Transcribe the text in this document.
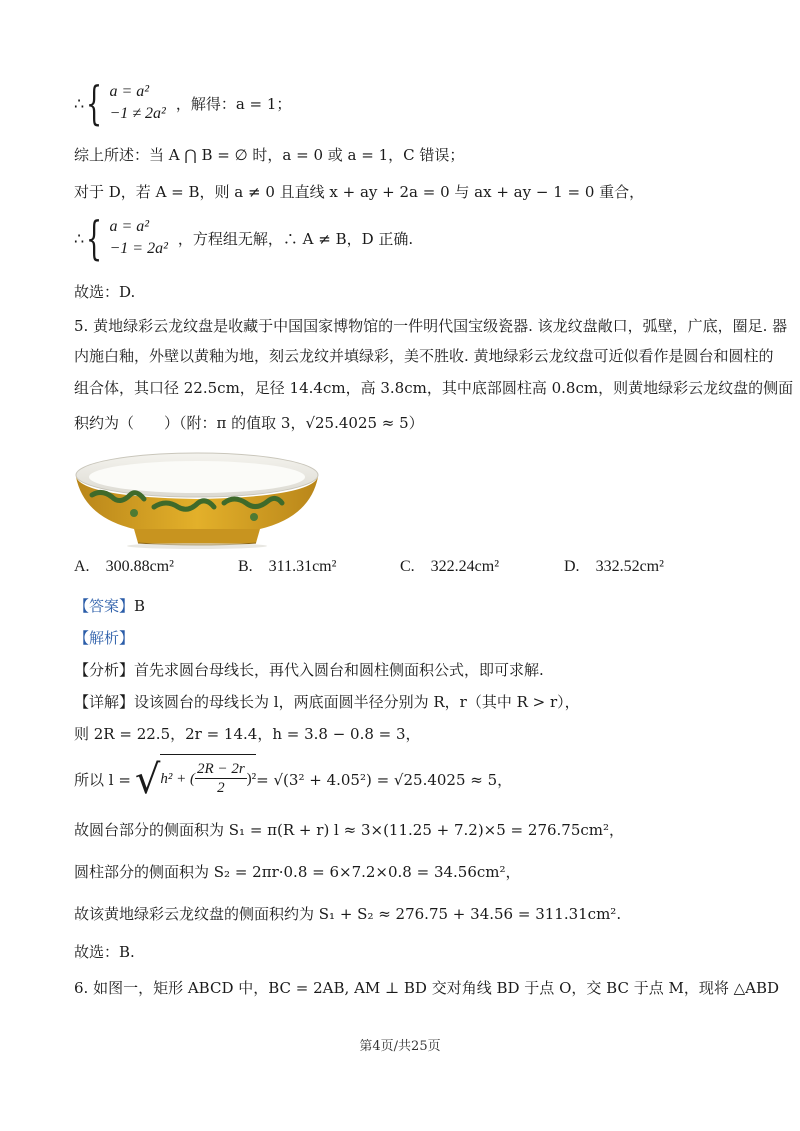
∴ { a = a²
−1 ≠ 2a²
，解得：a = 1；
综上所述：当 A ⋂ B = ∅ 时，a = 0 或 a = 1，C 错误；
对于 D，若 A = B，则 a ≠ 0 且直线 x + ay + 2a = 0 与 ax + ay − 1 = 0 重合，
∴ { a = a²
−1 = 2a²
，方程组无解，∴ A ≠ B，D 正确.
故选：D.
5. 黄地绿彩云龙纹盘是收藏于中国国家博物馆的一件明代国宝级瓷器. 该龙纹盘敞口，弧壁，广底，圈足. 器
内施白釉，外壁以黄釉为地，刻云龙纹并填绿彩，美不胜收. 黄地绿彩云龙纹盘可近似看作是圆台和圆柱的
组合体，其口径 22.5cm，足径 14.4cm，高 3.8cm，其中底部圆柱高 0.8cm，则黄地绿彩云龙纹盘的侧面
积约为（　　）（附：π 的值取 3，√25.4025 ≈ 5）
A. 300.88cm²	B. 311.31cm²	C. 322.24cm²	D. 332.52cm²
【答案】B
【解析】
【分析】首先求圆台母线长，再代入圆台和圆柱侧面积公式，即可求解.
【详解】设该圆台的母线长为 l，两底面圆半径分别为 R，r（其中 R > r），
则 2R = 22.5，2r = 14.4，h = 3.8 − 0.8 = 3，
所以 l = √ h² + ( $\frac{2R - 2r}{2} )^2 = √(3^2 + 4.05^2) = √25.4025 \approx 5$，
故圆台部分的侧面积为 S₁ = π(R + r) l ≈ 3×(11.25 + 7.2)×5 = 276.75cm²，
圆柱部分的侧面积为 S₂ = 2πr·0.8 = 6×7.2×0.8 = 34.56cm²，
故该黄地绿彩云龙纹盘的侧面积约为 S₁ + S₂ ≈ 276.75 + 34.56 = 311.31cm².
故选：B.
6. 如图一，矩形 ABCD 中，BC = 2AB, AM ⊥ BD 交对角线 BD 于点 O，交 BC 于点 M，现将 △ABD
第4页/共25页
